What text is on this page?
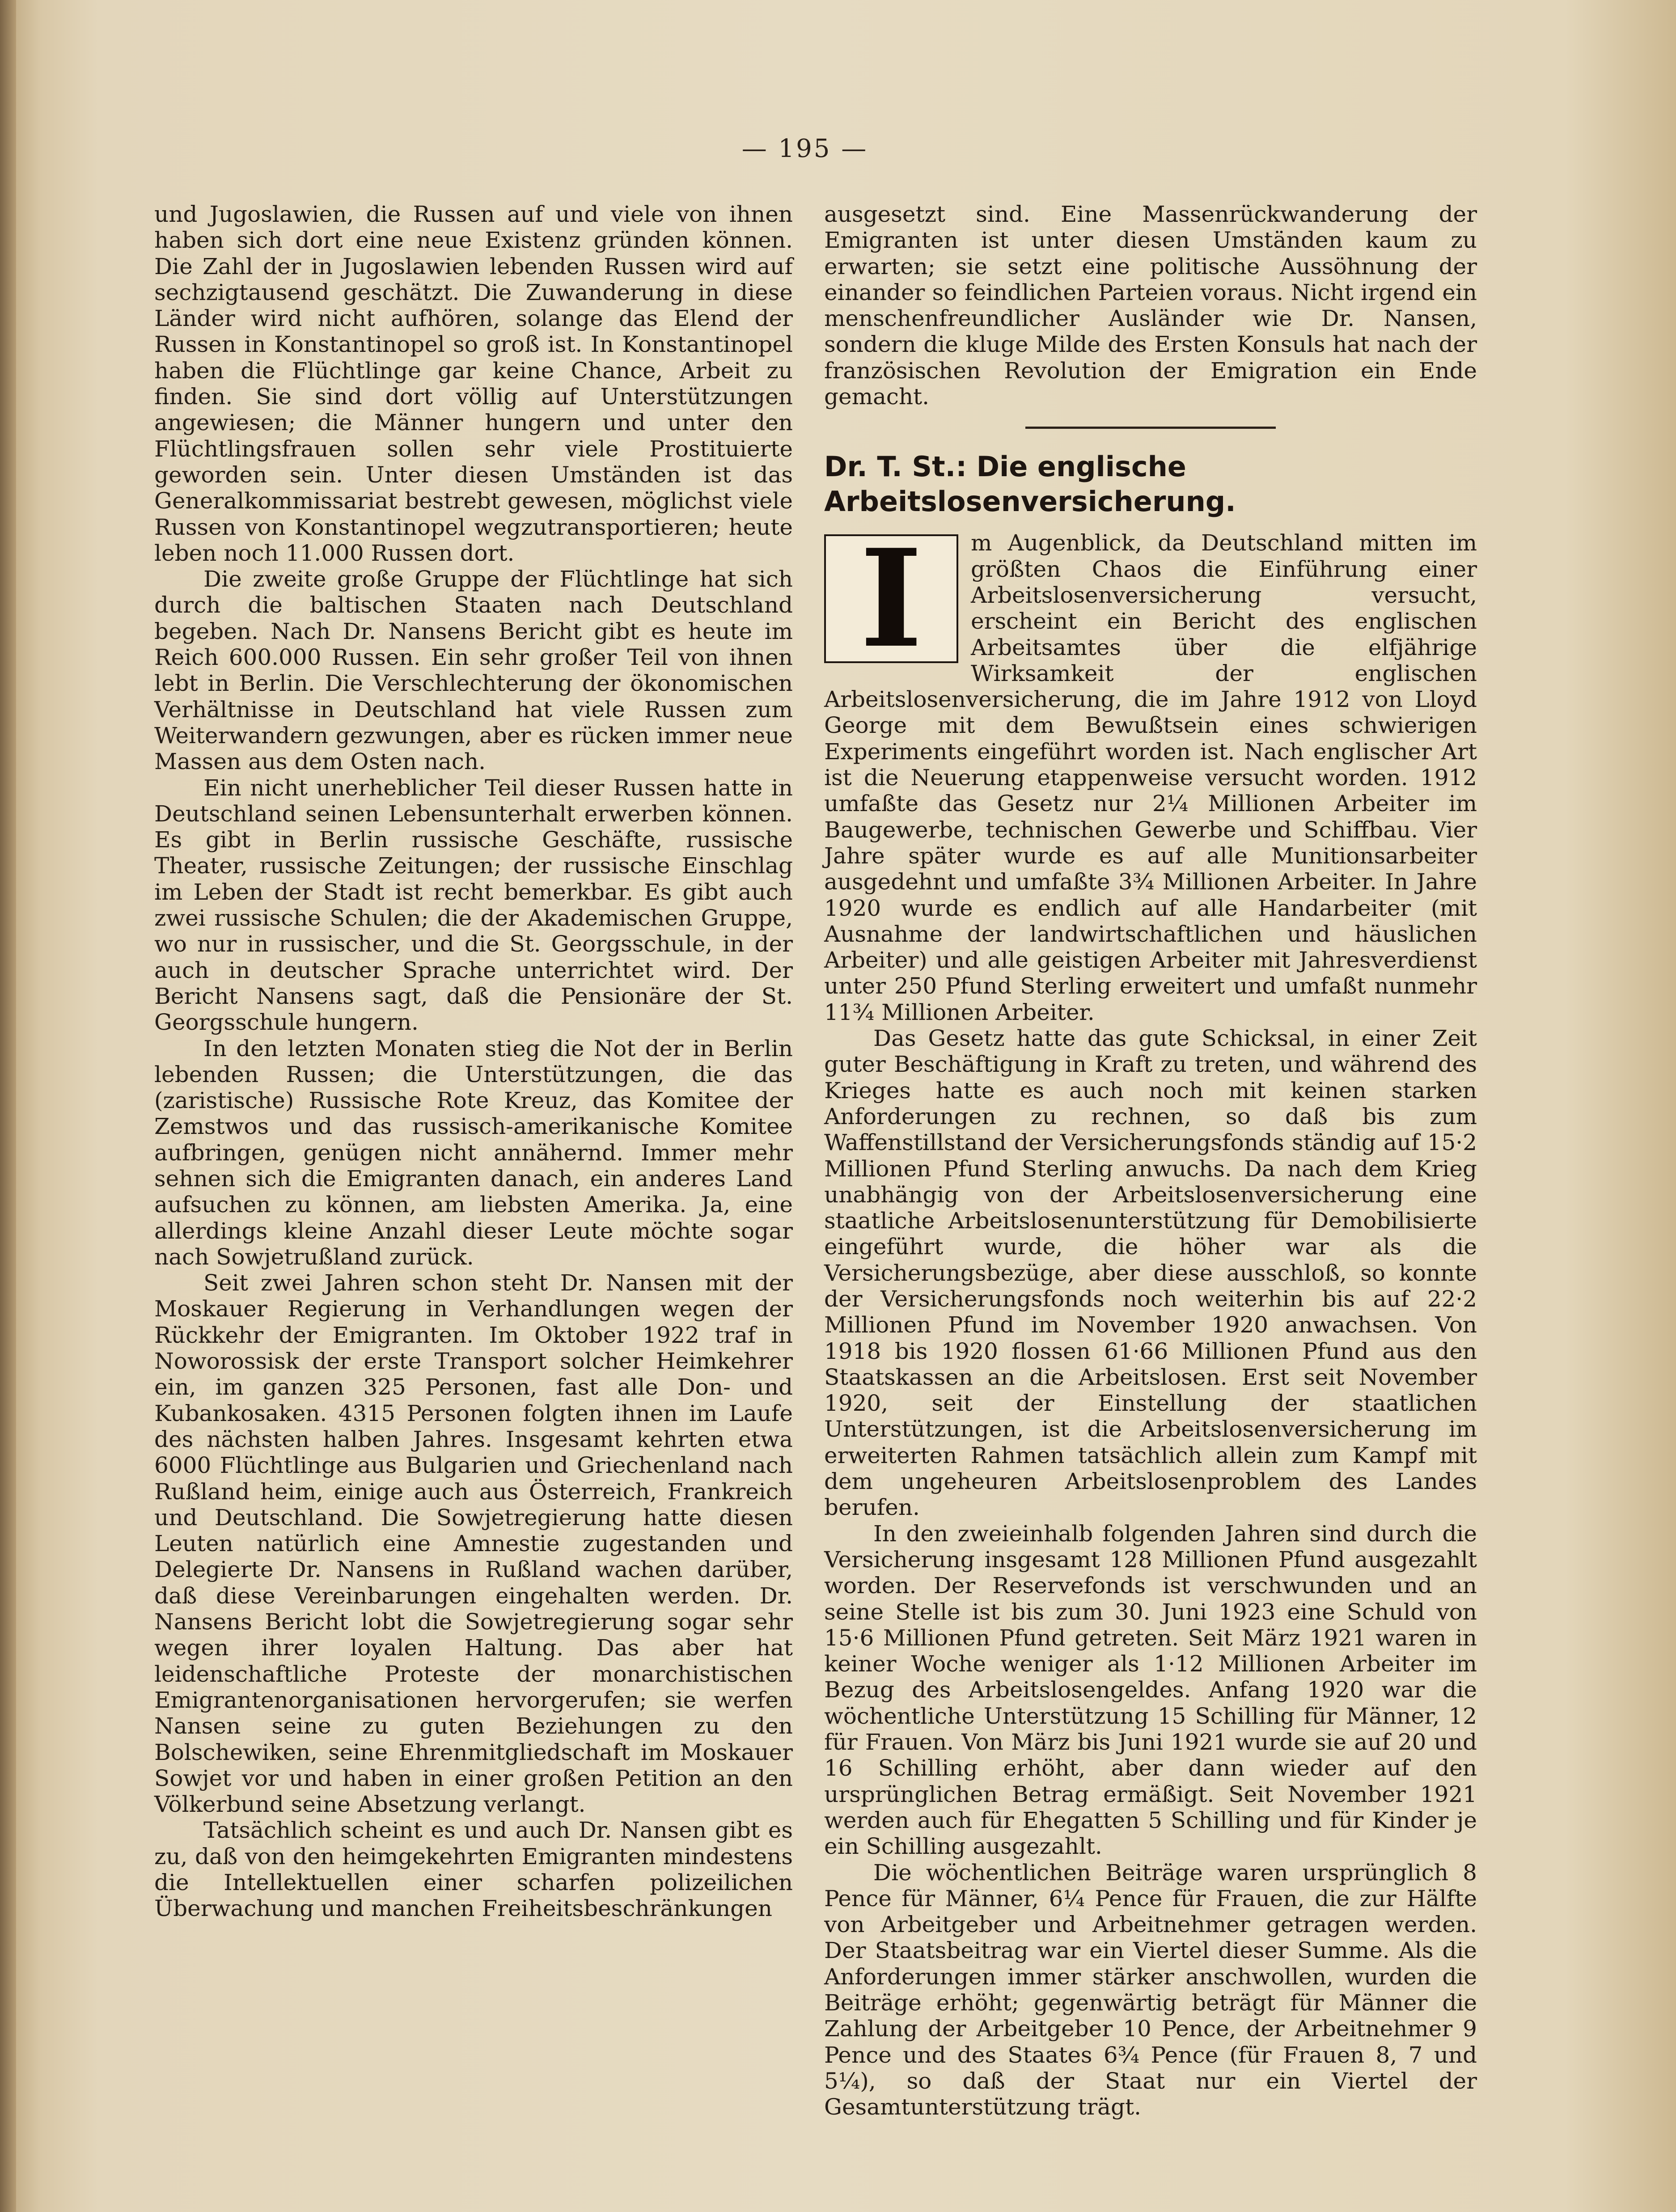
— 195 —

und Jugoslawien, die Russen auf und viele von ihnen haben sich dort eine neue Existenz gründen können. Die Zahl der in Jugoslawien lebenden Russen wird auf sechzigtausend geschätzt. Die Zuwanderung in diese Länder wird nicht aufhören, solange das Elend der Russen in Konstantinopel so groß ist. In Konstantinopel haben die Flüchtlinge gar keine Chance, Arbeit zu finden. Sie sind dort völlig auf Unterstützungen angewiesen; die Männer hungern und unter den Flüchtlingsfrauen sollen sehr viele Prostituierte geworden sein. Unter diesen Umständen ist das Generalkommissariat bestrebt gewesen, möglichst viele Russen von Konstantinopel wegzutransportieren; heute leben noch 11.000 Russen dort.

Die zweite große Gruppe der Flüchtlinge hat sich durch die baltischen Staaten nach Deutschland begeben. Nach Dr. Nansens Bericht gibt es heute im Reich 600.000 Russen. Ein sehr großer Teil von ihnen lebt in Berlin. Die Verschlechterung der ökonomischen Verhältnisse in Deutschland hat viele Russen zum Weiterwandern gezwungen, aber es rücken immer neue Massen aus dem Osten nach.

Ein nicht unerheblicher Teil dieser Russen hatte in Deutschland seinen Lebensunterhalt erwerben können. Es gibt in Berlin russische Geschäfte, russische Theater, russische Zeitungen; der russische Einschlag im Leben der Stadt ist recht bemerkbar. Es gibt auch zwei russische Schulen; die der Akademischen Gruppe, wo nur in russischer, und die St. Georgsschule, in der auch in deutscher Sprache unterrichtet wird. Der Bericht Nansens sagt, daß die Pensionäre der St. Georgsschule hungern.

In den letzten Monaten stieg die Not der in Berlin lebenden Russen; die Unterstützungen, die das (zaristische) Russische Rote Kreuz, das Komitee der Zemstwos und das russisch-amerikanische Komitee aufbringen, genügen nicht annähernd. Immer mehr sehnen sich die Emigranten danach, ein anderes Land aufsuchen zu können, am liebsten Amerika. Ja, eine allerdings kleine Anzahl dieser Leute möchte sogar nach Sowjetrußland zurück.

Seit zwei Jahren schon steht Dr. Nansen mit der Moskauer Regierung in Verhandlungen wegen der Rückkehr der Emigranten. Im Oktober 1922 traf in Noworossisk der erste Transport solcher Heimkehrer ein, im ganzen 325 Personen, fast alle Don- und Kubankosaken. 4315 Personen folgten ihnen im Laufe des nächsten halben Jahres. Insgesamt kehrten etwa 6000 Flüchtlinge aus Bulgarien und Griechenland nach Rußland heim, einige auch aus Österreich, Frankreich und Deutschland. Die Sowjetregierung hatte diesen Leuten natürlich eine Amnestie zugestanden und Delegierte Dr. Nansens in Rußland wachen darüber, daß diese Vereinbarungen eingehalten werden. Dr. Nansens Bericht lobt die Sowjetregierung sogar sehr wegen ihrer loyalen Haltung. Das aber hat leidenschaftliche Proteste der monarchistischen Emigrantenorganisationen hervorgerufen; sie werfen Nansen seine zu guten Beziehungen zu den Bolschewiken, seine Ehrenmitgliedschaft im Moskauer Sowjet vor und haben in einer großen Petition an den Völkerbund seine Absetzung verlangt.

Tatsächlich scheint es und auch Dr. Nansen gibt es zu, daß von den heimgekehrten Emigranten mindestens die Intellektuellen einer scharfen polizeilichen Überwachung und manchen Freiheitsbeschränkungen

ausgesetzt sind. Eine Massenrückwanderung der Emigranten ist unter diesen Umständen kaum zu erwarten; sie setzt eine politische Aussöhnung der einander so feindlichen Parteien voraus. Nicht irgend ein menschenfreundlicher Ausländer wie Dr. Nansen, sondern die kluge Milde des Ersten Konsuls hat nach der französischen Revolution der Emigration ein Ende gemacht.

Dr. T. St.: Die englische Arbeitslosenversicherung.
I	m Augenblick, da Deutschland mitten im größten Chaos die Einführung einer Arbeitslosenversicherung versucht, erscheint ein Bericht des englischen Arbeitsamtes über die elfjährige Wirksamkeit der englischen Arbeitslosenversicherung, die im Jahre 1912 von Lloyd George mit dem Bewußtsein eines schwierigen Experiments eingeführt worden ist. Nach englischer Art ist die Neuerung etappenweise versucht worden. 1912 umfaßte das Gesetz nur 2¼ Millionen Arbeiter im Baugewerbe, technischen Gewerbe und Schiffbau. Vier Jahre später wurde es auf alle Munitionsarbeiter ausgedehnt und umfaßte 3¾ Millionen Arbeiter. In Jahre 1920 wurde es endlich auf alle Handarbeiter (mit Ausnahme der landwirtschaftlichen und häuslichen Arbeiter) und alle geistigen Arbeiter mit Jahresverdienst unter 250 Pfund Sterling erweitert und umfaßt nunmehr 11¾ Millionen Arbeiter.

Das Gesetz hatte das gute Schicksal, in einer Zeit guter Beschäftigung in Kraft zu treten, und während des Krieges hatte es auch noch mit keinen starken Anforderungen zu rechnen, so daß bis zum Waffenstillstand der Versicherungsfonds ständig auf 15·2 Millionen Pfund Sterling anwuchs. Da nach dem Krieg unabhängig von der Arbeitslosenversicherung eine staatliche Arbeitslosenunterstützung für Demobilisierte eingeführt wurde, die höher war als die Versicherungsbezüge, aber diese ausschloß, so konnte der Versicherungsfonds noch weiterhin bis auf 22·2 Millionen Pfund im November 1920 anwachsen. Von 1918 bis 1920 flossen 61·66 Millionen Pfund aus den Staatskassen an die Arbeitslosen. Erst seit November 1920, seit der Einstellung der staatlichen Unterstützungen, ist die Arbeitslosenversicherung im erweiterten Rahmen tatsächlich allein zum Kampf mit dem ungeheuren Arbeitslosenproblem des Landes berufen.

In den zweieinhalb folgenden Jahren sind durch die Versicherung insgesamt 128 Millionen Pfund ausgezahlt worden. Der Reservefonds ist verschwunden und an seine Stelle ist bis zum 30. Juni 1923 eine Schuld von 15·6 Millionen Pfund getreten. Seit März 1921 waren in keiner Woche weniger als 1·12 Millionen Arbeiter im Bezug des Arbeitslosengeldes. Anfang 1920 war die wöchentliche Unterstützung 15 Schilling für Männer, 12 für Frauen. Von März bis Juni 1921 wurde sie auf 20 und 16 Schilling erhöht, aber dann wieder auf den ursprünglichen Betrag ermäßigt. Seit November 1921 werden auch für Ehegatten 5 Schilling und für Kinder je ein Schilling ausgezahlt.

Die wöchentlichen Beiträge waren ursprünglich 8 Pence für Männer, 6¼ Pence für Frauen, die zur Hälfte von Arbeitgeber und Arbeitnehmer getragen werden. Der Staatsbeitrag war ein Viertel dieser Summe. Als die Anforderungen immer stärker anschwollen, wurden die Beiträge erhöht; gegenwärtig beträgt für Männer die Zahlung der Arbeitgeber 10 Pence, der Arbeitnehmer 9 Pence und des Staates 6¾ Pence (für Frauen 8, 7 und 5¼), so daß der Staat nur ein Viertel der Gesamtunterstützung trägt.
